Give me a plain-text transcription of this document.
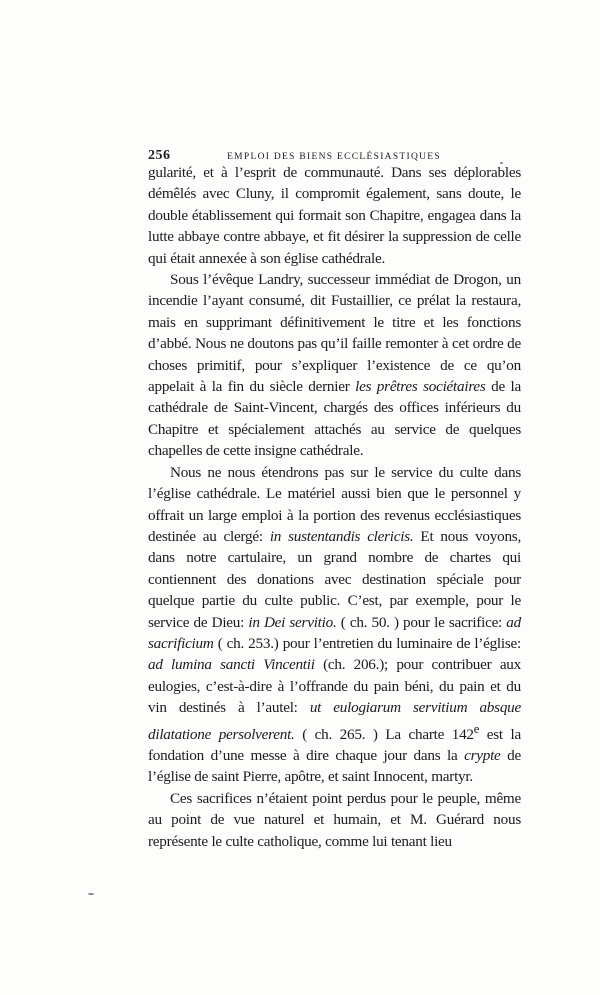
256	EMPLOI DES BIENS ECCLÉSIASTIQUES

gularité, et à l’esprit de communauté. Dans ses déplorables démêlés avec Cluny, il compromit également, sans doute, le double établissement qui formait son Chapitre, engagea dans la lutte abbaye contre abbaye, et fit désirer la suppression de celle qui était annexée à son église cathédrale.

Sous l’évêque Landry, successeur immédiat de Drogon, un incendie l’ayant consumé, dit Fustaillier, ce prélat la restaura, mais en supprimant définitivement le titre et les fonctions d’abbé. Nous ne doutons pas qu’il faille remonter à cet ordre de choses primitif, pour s’expliquer l’existence de ce qu’on appelait à la fin du siècle dernier les prêtres sociétaires de la cathédrale de Saint-Vincent, chargés des offices inférieurs du Chapitre et spécialement attachés au service de quelques chapelles de cette insigne cathédrale.

Nous ne nous étendrons pas sur le service du culte dans l’église cathédrale. Le matériel aussi bien que le personnel y offrait un large emploi à la portion des revenus ecclésiastiques destinée au clergé: in sustentandis clericis. Et nous voyons, dans notre cartulaire, un grand nombre de chartes qui contiennent des donations avec destination spéciale pour quelque partie du culte public. C’est, par exemple, pour le service de Dieu: in Dei servitio. ( ch. 50. ) pour le sacrifice: ad sacrificium ( ch. 253.) pour l’entretien du luminaire de l’église: ad lumina sancti Vincentii (ch. 206.); pour contribuer aux eulogies, c’est-à-dire à l’offrande du pain béni, du pain et du vin destinés à l’autel: ut eulogiarum servitium absque dilatatione persolverent. ( ch. 265. ) La charte 142e est la fondation d’une messe à dire chaque jour dans la crypte de l’église de saint Pierre, apôtre, et saint Innocent, martyr.

Ces sacrifices n’étaient point perdus pour le peuple, même au point de vue naturel et humain, et M. Guérard nous représente le culte catholique, comme lui tenant lieu
